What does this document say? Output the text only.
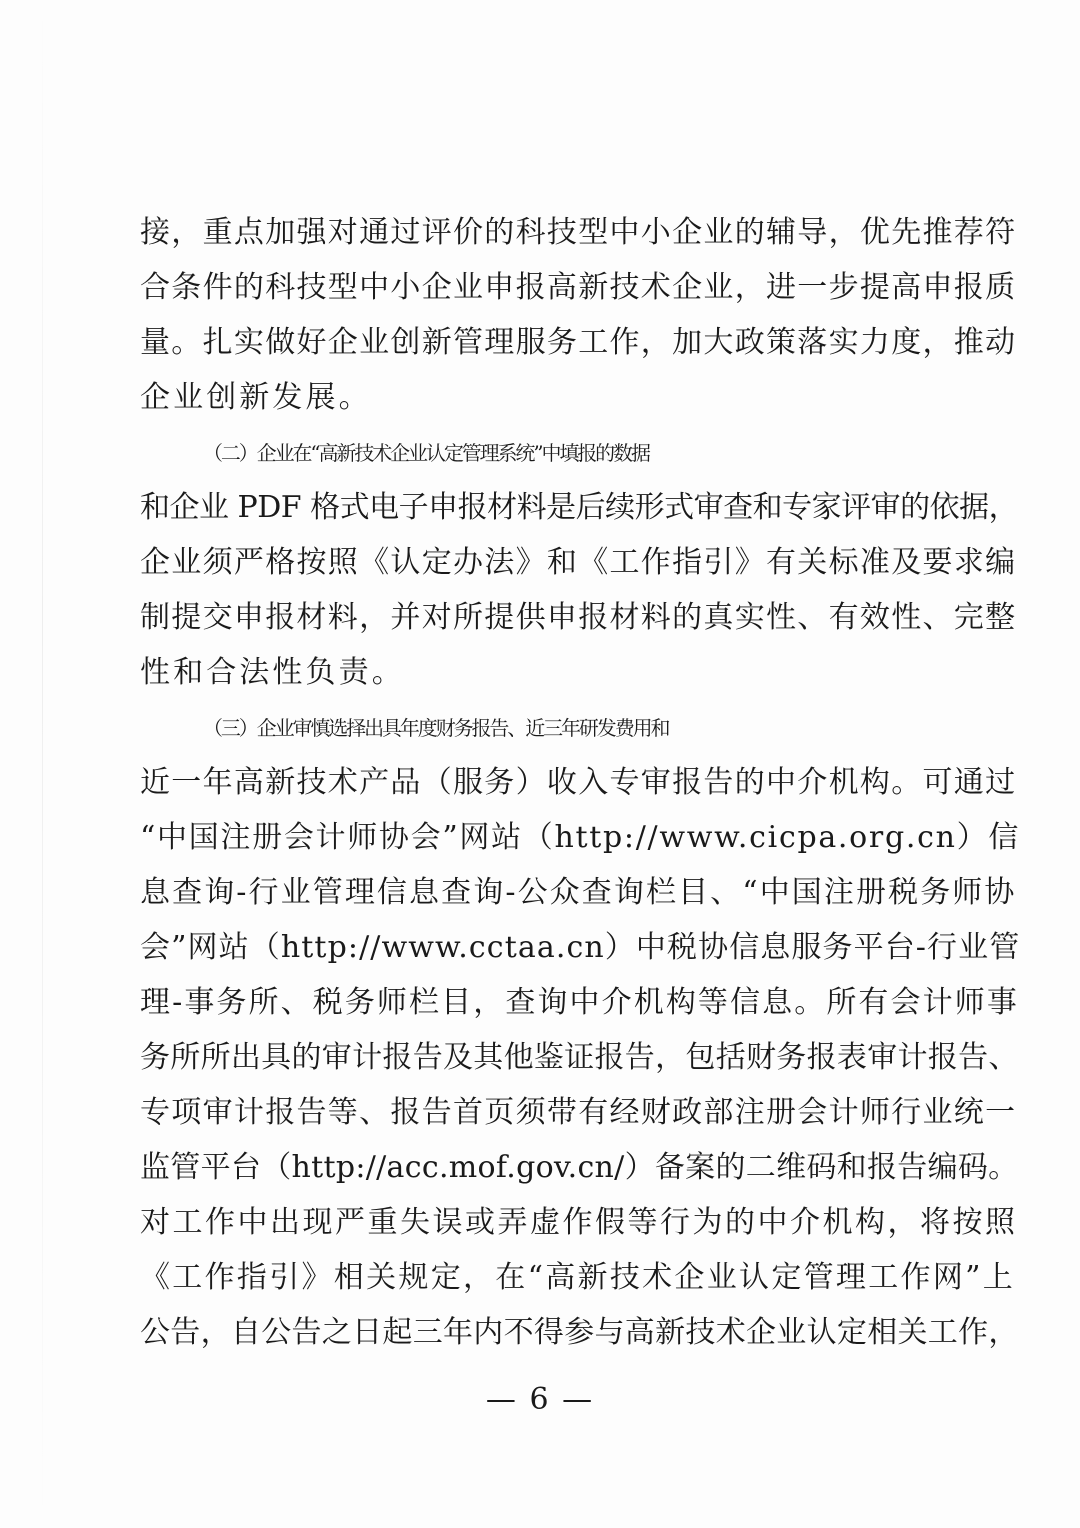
接，重点加强对通过评价的科技型中小企业的辅导，优先推荐符
合条件的科技型中小企业申报高新技术企业，进一步提高申报质
量。扎实做好企业创新管理服务工作，加大政策落实力度，推动
企业创新发展。
（二）企业在“高新技术企业认定管理系统”中填报的数据
和企业 PDF 格式电子申报材料是后续形式审查和专家评审的依据，
企业须严格按照《认定办法》和《工作指引》有关标准及要求编
制提交申报材料，并对所提供申报材料的真实性、有效性、完整
性和合法性负责。
（三）企业审慎选择出具年度财务报告、近三年研发费用和
近一年高新技术产品（服务）收入专审报告的中介机构。可通过
“中国注册会计师协会”网站（http://www.cicpa.org.cn）信
息查询-行业管理信息查询-公众查询栏目、“中国注册税务师协
会”网站（http://www.cctaa.cn）中税协信息服务平台-行业管
理-事务所、税务师栏目，查询中介机构等信息。所有会计师事
务所所出具的审计报告及其他鉴证报告，包括财务报表审计报告、
专项审计报告等、报告首页须带有经财政部注册会计师行业统一
监管平台（http://acc.mof.gov.cn/）备案的二维码和报告编码。
对工作中出现严重失误或弄虚作假等行为的中介机构，将按照
《工作指引》相关规定，在“高新技术企业认定管理工作网”上
公告，自公告之日起三年内不得参与高新技术企业认定相关工作，
— 6 —
